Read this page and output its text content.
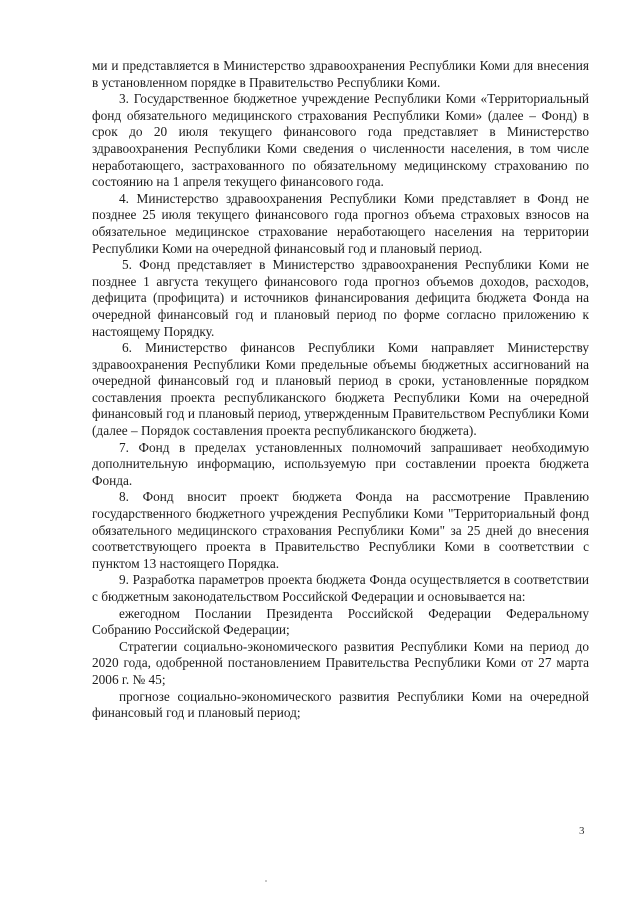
ми и представляется в Министерство здравоохранения Республики Коми для внесения в установленном порядке в Правительство Республики Коми.

3. Государственное бюджетное учреждение Республики Коми «Территориальный фонд обязательного медицинского страхования Республики Коми» (далее – Фонд) в срок до 20 июля текущего финансового года представляет в Министерство здравоохранения Республики Коми сведения о численности населения, в том числе неработающего, застрахованного по обязательному медицинскому страхованию по состоянию на 1 апреля текущего финансового года.

4. Министерство здравоохранения Республики Коми представляет в Фонд не позднее 25 июля текущего финансового года прогноз объема страховых взносов на обязательное медицинское страхование неработающего населения на территории Республики Коми на очередной финансовый год и плановый период.

5. Фонд представляет в Министерство здравоохранения Республики Коми не позднее 1 августа текущего финансового года прогноз объемов доходов, расходов, дефицита (профицита) и источников финансирования дефицита бюджета Фонда на очередной финансовый год и плановый период по форме согласно приложению к настоящему Порядку.

6. Министерство финансов Республики Коми направляет Министерству здравоохранения Республики Коми предельные объемы бюджетных ассигнований на очередной финансовый год и плановый период в сроки, установленные порядком составления проекта республиканского бюджета Республики Коми на очередной финансовый год и плановый период, утвержденным Правительством Республики Коми (далее – Порядок составления проекта республиканского бюджета).

7. Фонд в пределах установленных полномочий запрашивает необходимую дополнительную информацию, используемую при составлении проекта бюджета Фонда.

8. Фонд вносит проект бюджета Фонда на рассмотрение Правлению государственного бюджетного учреждения Республики Коми "Территориальный фонд обязательного медицинского страхования Республики Коми" за 25 дней до внесения соответствующего проекта в Правительство Республики Коми в соответствии с пунктом 13 настоящего Порядка.

9. Разработка параметров проекта бюджета Фонда осуществляется в соответствии с бюджетным законодательством Российской Федерации и основывается на:

ежегодном Послании Президента Российской Федерации Федеральному Собранию Российской Федерации;

Стратегии социально-экономического развития Республики Коми на период до 2020 года, одобренной постановлением Правительства Республики Коми от 27 марта 2006 г. № 45;

прогнозе социально-экономического развития Республики Коми на очередной финансовый год и плановый период;

3
